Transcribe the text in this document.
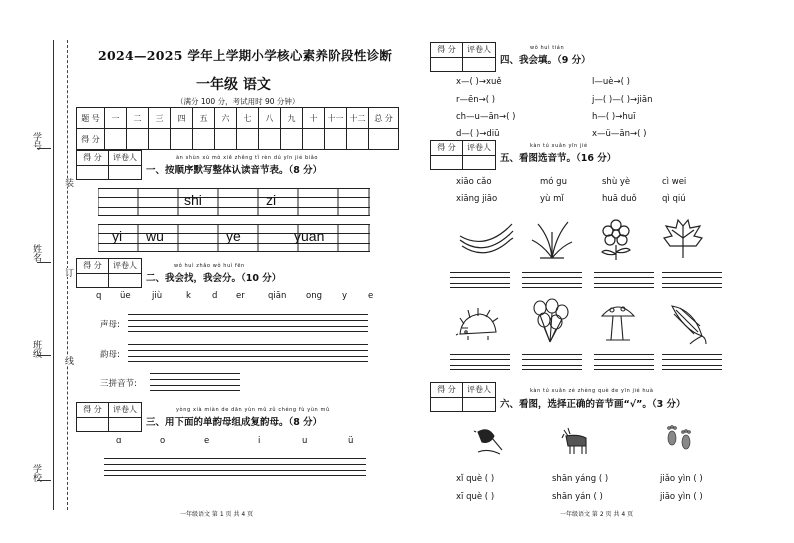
学号
姓名
班级
学校
装
订
线
2024—2025 学年上学期小学核心素养阶段性诊断
一年级 语文
（满分 100 分，考试用时 90 分钟）
题 号	一	二	三	四	五	六	七	八	九	十	十一	十二	总 分
得 分													
得 分	评卷人
得 分	评卷人
得 分	评卷人
得 分	评卷人
得 分	评卷人
得 分	评卷人
àn shùn xù mò xiě zhěng tǐ rèn dú yīn jié biǎo
一、按顺序默写整体认读音节表。（8 分）
shi	zi
yi wu	ye	yuan
wǒ huì zhǎo wǒ huì fēn
二、我会找，我会分。（10 分）
q üe	jiù	k d er	qiān ong y e
声母:
韵母:
三拼音节:
yòng xià miàn de dān yùn mǔ zǔ chéng fù yùn mǔ
三、用下面的单韵母组成复韵母。（8 分）
ɑ	o	e	i	u	ü
一年级语文 第 1 页 共 4 页
wǒ huì tián
四、我会填。（9 分）
x—( )→xuě	l—uè→( )
r—ēn→( )	j—( )—( )→jiān
ch—u—ān→( )	h—( )→huī
d—( )→diū	x—ü—ān→( )
kàn tú xuǎn yīn jié
五、看图选音节。（16 分）
xiāo cǎo	mó gu	shù yè	cì wei
xiāng jiāo	yù mǐ	huā duǒ	qì qiú
kàn tú xuǎn zé zhèng què de yīn jié huà
六、看图，选择正确的音节画“√”。（3 分）
xǐ què ( )	shān yáng ( )	jiǎo yìn ( )
xī què ( )	shān yán ( )	jiāo yìn ( )
一年级语文 第 2 页 共 4 页
